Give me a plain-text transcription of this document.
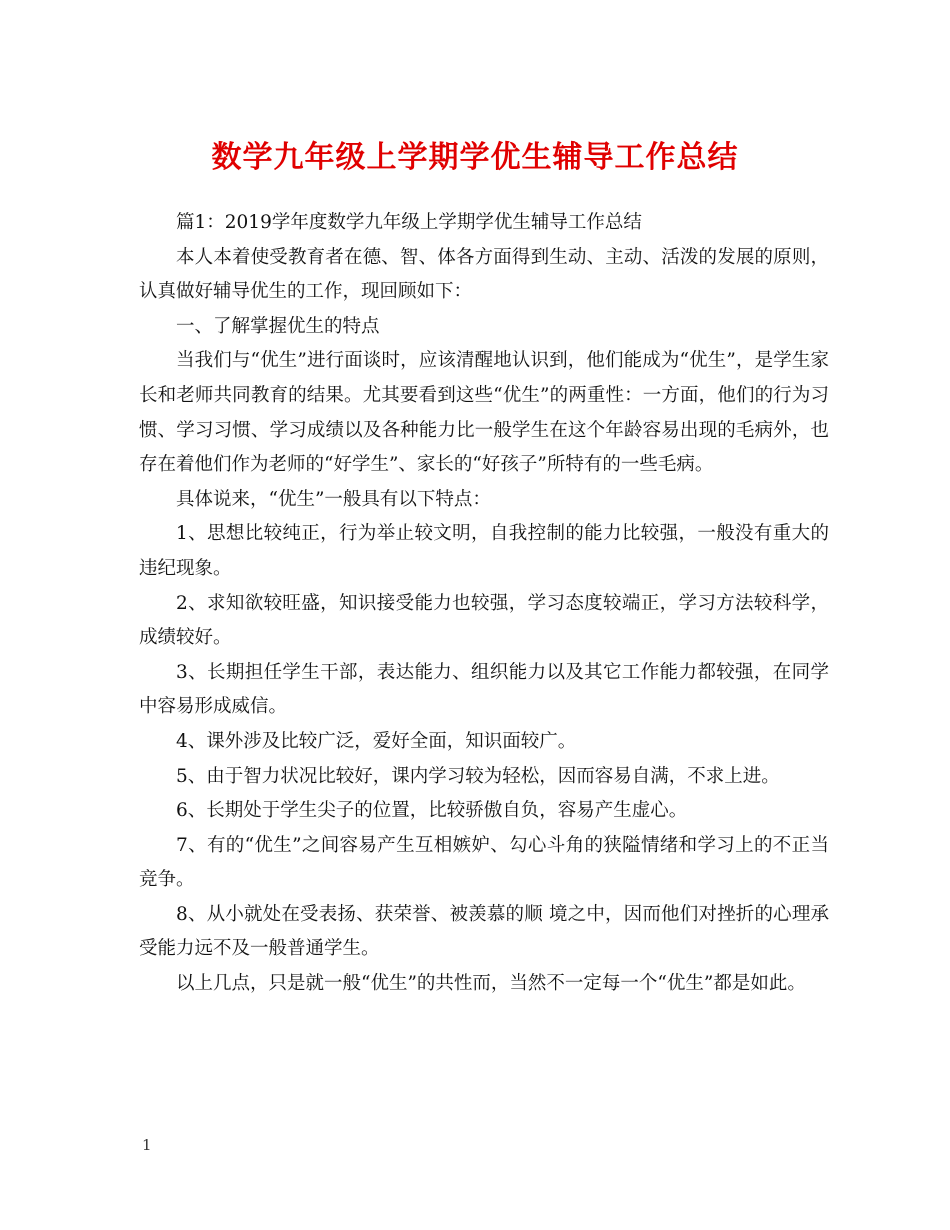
数学九年级上学期学优生辅导工作总结

篇1：2019学年度数学九年级上学期学优生辅导工作总结

本人本着使受教育者在德、智、体各方面得到生动、主动、活泼的发展的原则，认真做好辅导优生的工作，现回顾如下：

一、了解掌握优生的特点

当我们与“优生”进行面谈时，应该清醒地认识到，他们能成为“优生”，是学生家长和老师共同教育的结果。尤其要看到这些“优生”的两重性：一方面，他们的行为习惯、学习习惯、学习成绩以及各种能力比一般学生在这个年龄容易出现的毛病外，也存在着他们作为老师的“好学生”、家长的“好孩子”所特有的一些毛病。

具体说来，“优生”一般具有以下特点：

1、思想比较纯正，行为举止较文明，自我控制的能力比较强，一般没有重大的违纪现象。

2、求知欲较旺盛，知识接受能力也较强，学习态度较端正，学习方法较科学，成绩较好。

3、长期担任学生干部，表达能力、组织能力以及其它工作能力都较强，在同学中容易形成威信。

4、课外涉及比较广泛，爱好全面，知识面较广。

5、由于智力状况比较好，课内学习较为轻松，因而容易自满，不求上进。

6、长期处于学生尖子的位置，比较骄傲自负，容易产生虚心。

7、有的“优生”之间容易产生互相嫉妒、勾心斗角的狭隘情绪和学习上的不正当竞争。

8、从小就处在受表扬、获荣誉、被羡慕的顺 境之中，因而他们对挫折的心理承受能力远不及一般普通学生。

以上几点，只是就一般“优生”的共性而，当然不一定每一个“优生”都是如此。

1
